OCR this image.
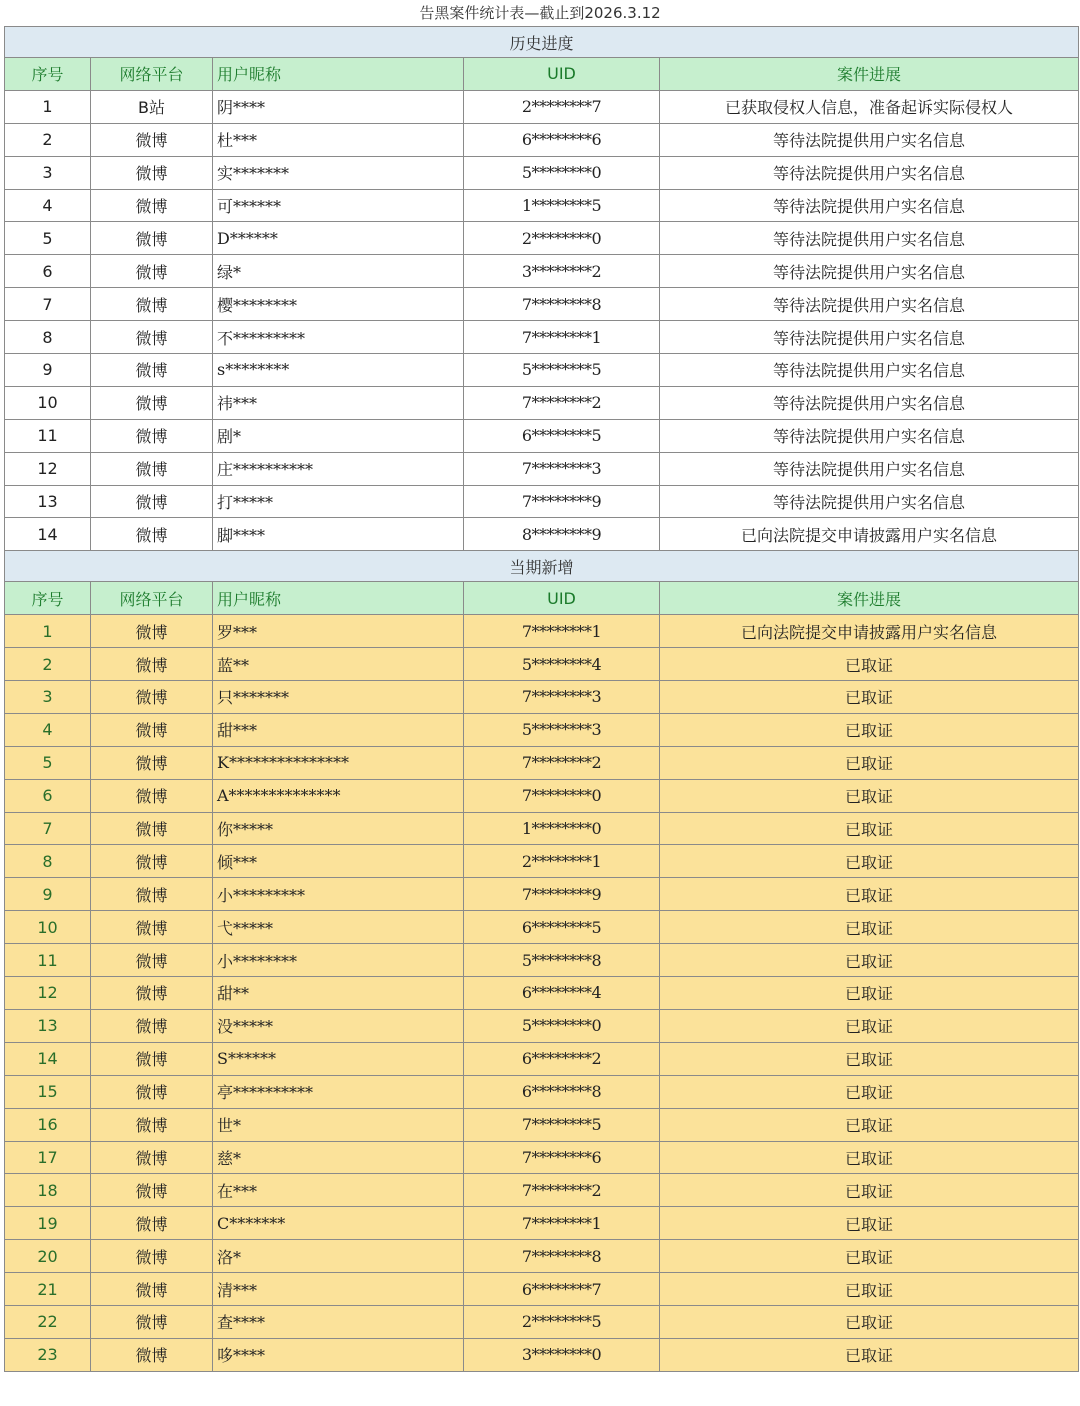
告黑案件统计表—截止到2026.3.12
历史进度				
序号	网络平台	用户昵称	UID	案件进展
1	B站	阴****	2********7	已获取侵权人信息，准备起诉实际侵权人
2	微博	杜***	6********6	等待法院提供用户实名信息
3	微博	实*******	5********0	等待法院提供用户实名信息
4	微博	可******	1********5	等待法院提供用户实名信息
5	微博	D******	2********0	等待法院提供用户实名信息
6	微博	绿*	3********2	等待法院提供用户实名信息
7	微博	樱********	7********8	等待法院提供用户实名信息
8	微博	不*********	7********1	等待法院提供用户实名信息
9	微博	s********	5********5	等待法院提供用户实名信息
10	微博	祎***	7********2	等待法院提供用户实名信息
11	微博	剧*	6********5	等待法院提供用户实名信息
12	微博	庄**********	7********3	等待法院提供用户实名信息
13	微博	打*****	7********9	等待法院提供用户实名信息
14	微博	脚****	8********9	已向法院提交申请披露用户实名信息
当期新增				
序号	网络平台	用户昵称	UID	案件进展
1	微博	罗***	7********1	已向法院提交申请披露用户实名信息
2	微博	蓝**	5********4	已取证
3	微博	只*******	7********3	已取证
4	微博	甜***	5********3	已取证
5	微博	K***************	7********2	已取证
6	微博	A**************	7********0	已取证
7	微博	你*****	1********0	已取证
8	微博	倾***	2********1	已取证
9	微博	小*********	7********9	已取证
10	微博	弋*****	6********5	已取证
11	微博	小********	5********8	已取证
12	微博	甜**	6********4	已取证
13	微博	没*****	5********0	已取证
14	微博	S******	6********2	已取证
15	微博	亭**********	6********8	已取证
16	微博	世*	7********5	已取证
17	微博	慈*	7********6	已取证
18	微博	在***	7********2	已取证
19	微博	C*******	7********1	已取证
20	微博	洛*	7********8	已取证
21	微博	清***	6********7	已取证
22	微博	查****	2********5	已取证
23	微博	哆****	3********0	已取证
